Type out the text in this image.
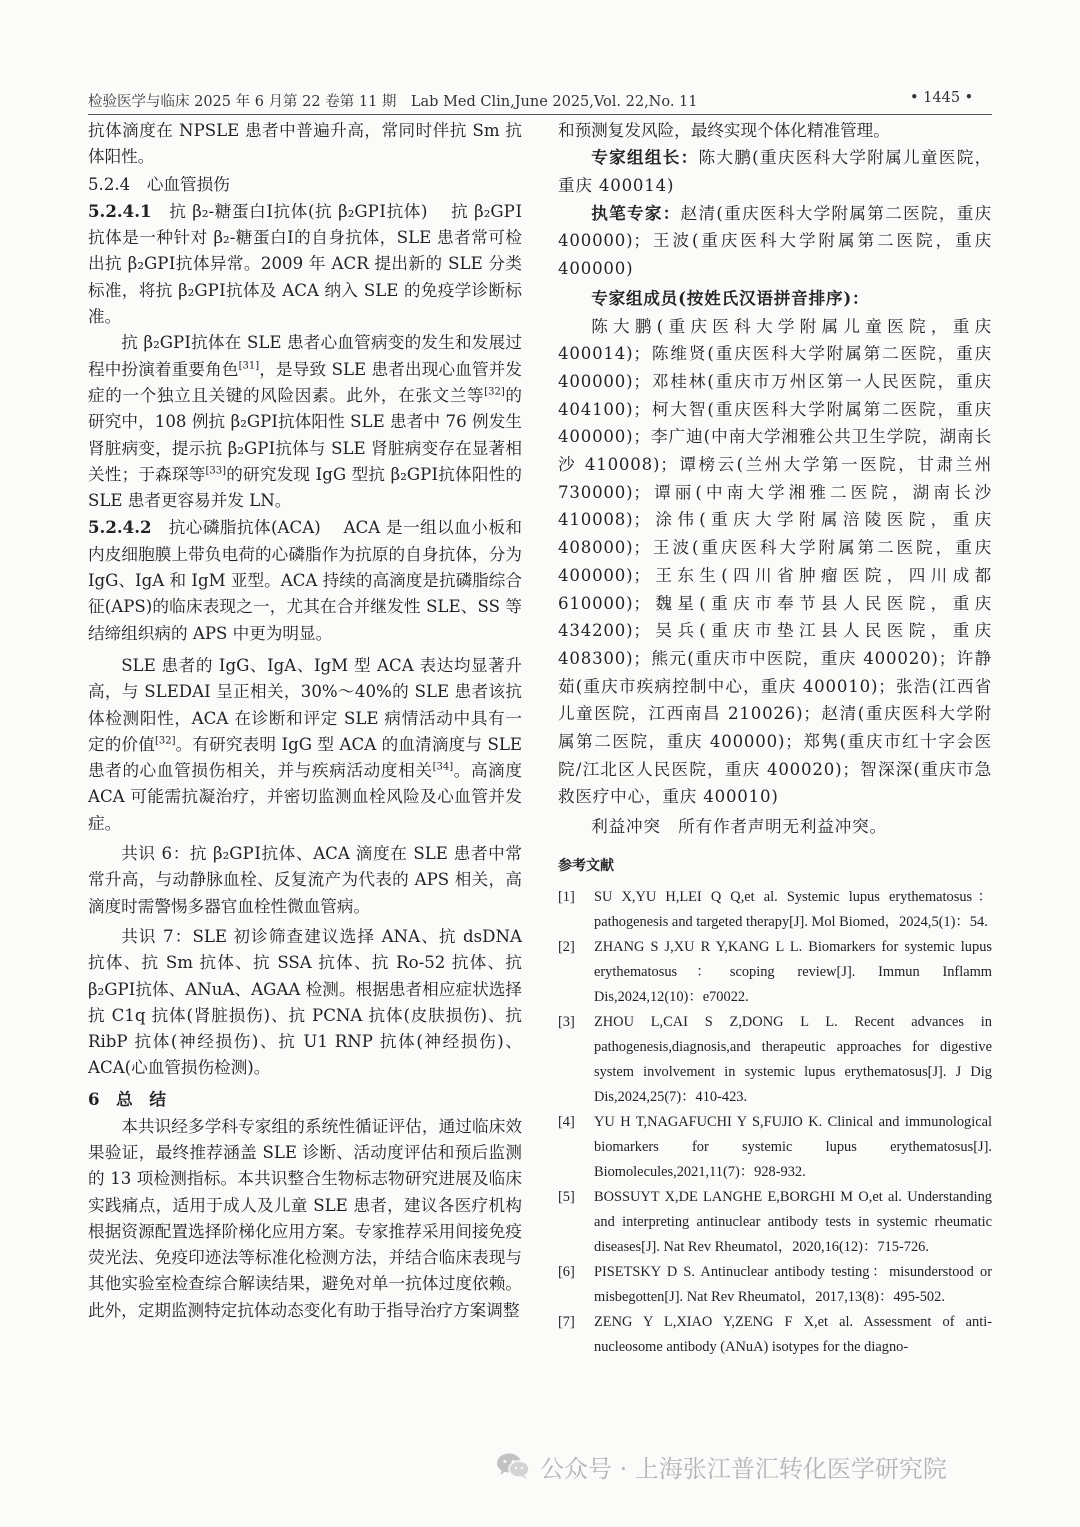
检验医学与临床 2025 年 6 月第 22 卷第 11 期　Lab Med Clin,June 2025,Vol. 22,No. 11	• 1445 •

抗体滴度在 NPSLE 患者中普遍升高，常同时伴抗 Sm 抗体阳性。

5.2.4　心血管损伤

5.2.4.1 抗 β₂-糖蛋白Ⅰ抗体(抗 β₂GPⅠ抗体) 抗 β₂GPⅠ抗体是一种针对 β₂-糖蛋白Ⅰ的自身抗体，SLE 患者常可检出抗 β₂GPⅠ抗体异常。2009 年 ACR 提出新的 SLE 分类标准，将抗 β₂GPⅠ抗体及 ACA 纳入 SLE 的免疫学诊断标准。

抗 β₂GPⅠ抗体在 SLE 患者心血管病变的发生和发展过程中扮演着重要角色[31]，是导致 SLE 患者出现心血管并发症的一个独立且关键的风险因素。此外，在张文兰等[32]的研究中，108 例抗 β₂GPⅠ抗体阳性 SLE 患者中 76 例发生肾脏病变，提示抗 β₂GPⅠ抗体与 SLE 肾脏病变存在显著相关性；于森琛等[33]的研究发现 IgG 型抗 β₂GPⅠ抗体阳性的 SLE 患者更容易并发 LN。

5.2.4.2 抗心磷脂抗体(ACA) ACA 是一组以血小板和内皮细胞膜上带负电荷的心磷脂作为抗原的自身抗体，分为 IgG、IgA 和 IgM 亚型。ACA 持续的高滴度是抗磷脂综合征(APS)的临床表现之一，尤其在合并继发性 SLE、SS 等结缔组织病的 APS 中更为明显。

SLE 患者的 IgG、IgA、IgM 型 ACA 表达均显著升高，与 SLEDAI 呈正相关，30%～40%的 SLE 患者该抗体检测阳性，ACA 在诊断和评定 SLE 病情活动中具有一定的价值[32]。有研究表明 IgG 型 ACA 的血清滴度与 SLE 患者的心血管损伤相关，并与疾病活动度相关[34]。高滴度 ACA 可能需抗凝治疗，并密切监测血栓风险及心血管并发症。

共识 6：抗 β₂GPⅠ抗体、ACA 滴度在 SLE 患者中常常升高，与动静脉血栓、反复流产为代表的 APS 相关，高滴度时需警惕多器官血栓性微血管病。

共识 7：SLE 初诊筛查建议选择 ANA、抗 dsDNA 抗体、抗 Sm 抗体、抗 SSA 抗体、抗 Ro-52 抗体、抗 β₂GPⅠ抗体、ANuA、AGAA 检测。根据患者相应症状选择抗 C1q 抗体(肾脏损伤)、抗 PCNA 抗体(皮肤损伤)、抗 RibP 抗体(神经损伤)、抗 U1 RNP 抗体(神经损伤)、ACA(心血管损伤检测)。

6　总　结

本共识经多学科专家组的系统性循证评估，通过临床效果验证，最终推荐涵盖 SLE 诊断、活动度评估和预后监测的 13 项检测指标。本共识整合生物标志物研究进展及临床实践痛点，适用于成人及儿童 SLE 患者，建议各医疗机构根据资源配置选择阶梯化应用方案。专家推荐采用间接免疫荧光法、免疫印迹法等标准化检测方法，并结合临床表现与其他实验室检查综合解读结果，避免对单一抗体过度依赖。此外，定期监测特定抗体动态变化有助于指导治疗方案调整

和预测复发风险，最终实现个体化精准管理。

专家组组长：陈大鹏(重庆医科大学附属儿童医院，重庆 400014)

执笔专家：赵清(重庆医科大学附属第二医院，重庆 400000)；王波(重庆医科大学附属第二医院，重庆 400000)

专家组成员(按姓氏汉语拼音排序)：

陈大鹏(重庆医科大学附属儿童医院，重庆 400014)；陈维贤(重庆医科大学附属第二医院，重庆 400000)；邓桂林(重庆市万州区第一人民医院，重庆 404100)；柯大智(重庆医科大学附属第二医院，重庆 400000)；李广迪(中南大学湘雅公共卫生学院，湖南长沙 410008)；谭榜云(兰州大学第一医院，甘肃兰州 730000)；谭丽(中南大学湘雅二医院，湖南长沙 410008)；涂伟(重庆大学附属涪陵医院，重庆 408000)；王波(重庆医科大学附属第二医院，重庆 400000)；王东生(四川省肿瘤医院，四川成都 610000)；魏星(重庆市奉节县人民医院，重庆 434200)；吴兵(重庆市垫江县人民医院，重庆 408300)；熊元(重庆市中医院，重庆 400020)；许静茹(重庆市疾病控制中心，重庆 400010)；张浩(江西省儿童医院，江西南昌 210026)；赵清(重庆医科大学附属第二医院，重庆 400000)；郑隽(重庆市红十字会医院/江北区人民医院，重庆 400020)；智深深(重庆市急救医疗中心，重庆 400010)

利益冲突　所有作者声明无利益冲突。

参考文献

[1] SU X,YU H,LEI Q Q,et al. Systemic lupus erythematosus：pathogenesis and targeted therapy[J]. Mol Biomed，2024,5(1)：54.

[2] ZHANG S J,XU R Y,KANG L L. Biomarkers for systemic lupus erythematosus：scoping review[J]. Immun Inflamm Dis,2024,12(10)：e70022.

[3] ZHOU L,CAI S Z,DONG L L. Recent advances in pathogenesis,diagnosis,and therapeutic approaches for digestive system involvement in systemic lupus erythematosus[J]. J Dig Dis,2024,25(7)：410-423.

[4] YU H T,NAGAFUCHI Y S,FUJIO K. Clinical and immunological biomarkers for systemic lupus erythematosus[J]. Biomolecules,2021,11(7)：928-932.

[5] BOSSUYT X,DE LANGHE E,BORGHI M O,et al. Understanding and interpreting antinuclear antibody tests in systemic rheumatic diseases[J]. Nat Rev Rheumatol，2020,16(12)：715-726.

[6] PISETSKY D S. Antinuclear antibody testing：misunderstood or misbegotten[J]. Nat Rev Rheumatol，2017,13(8)：495-502.

[7] ZENG Y L,XIAO Y,ZENG F X,et al. Assessment of anti-nucleosome antibody (ANuA) isotypes for the diagno-

公众号 · 上海张江普汇转化医学研究院
